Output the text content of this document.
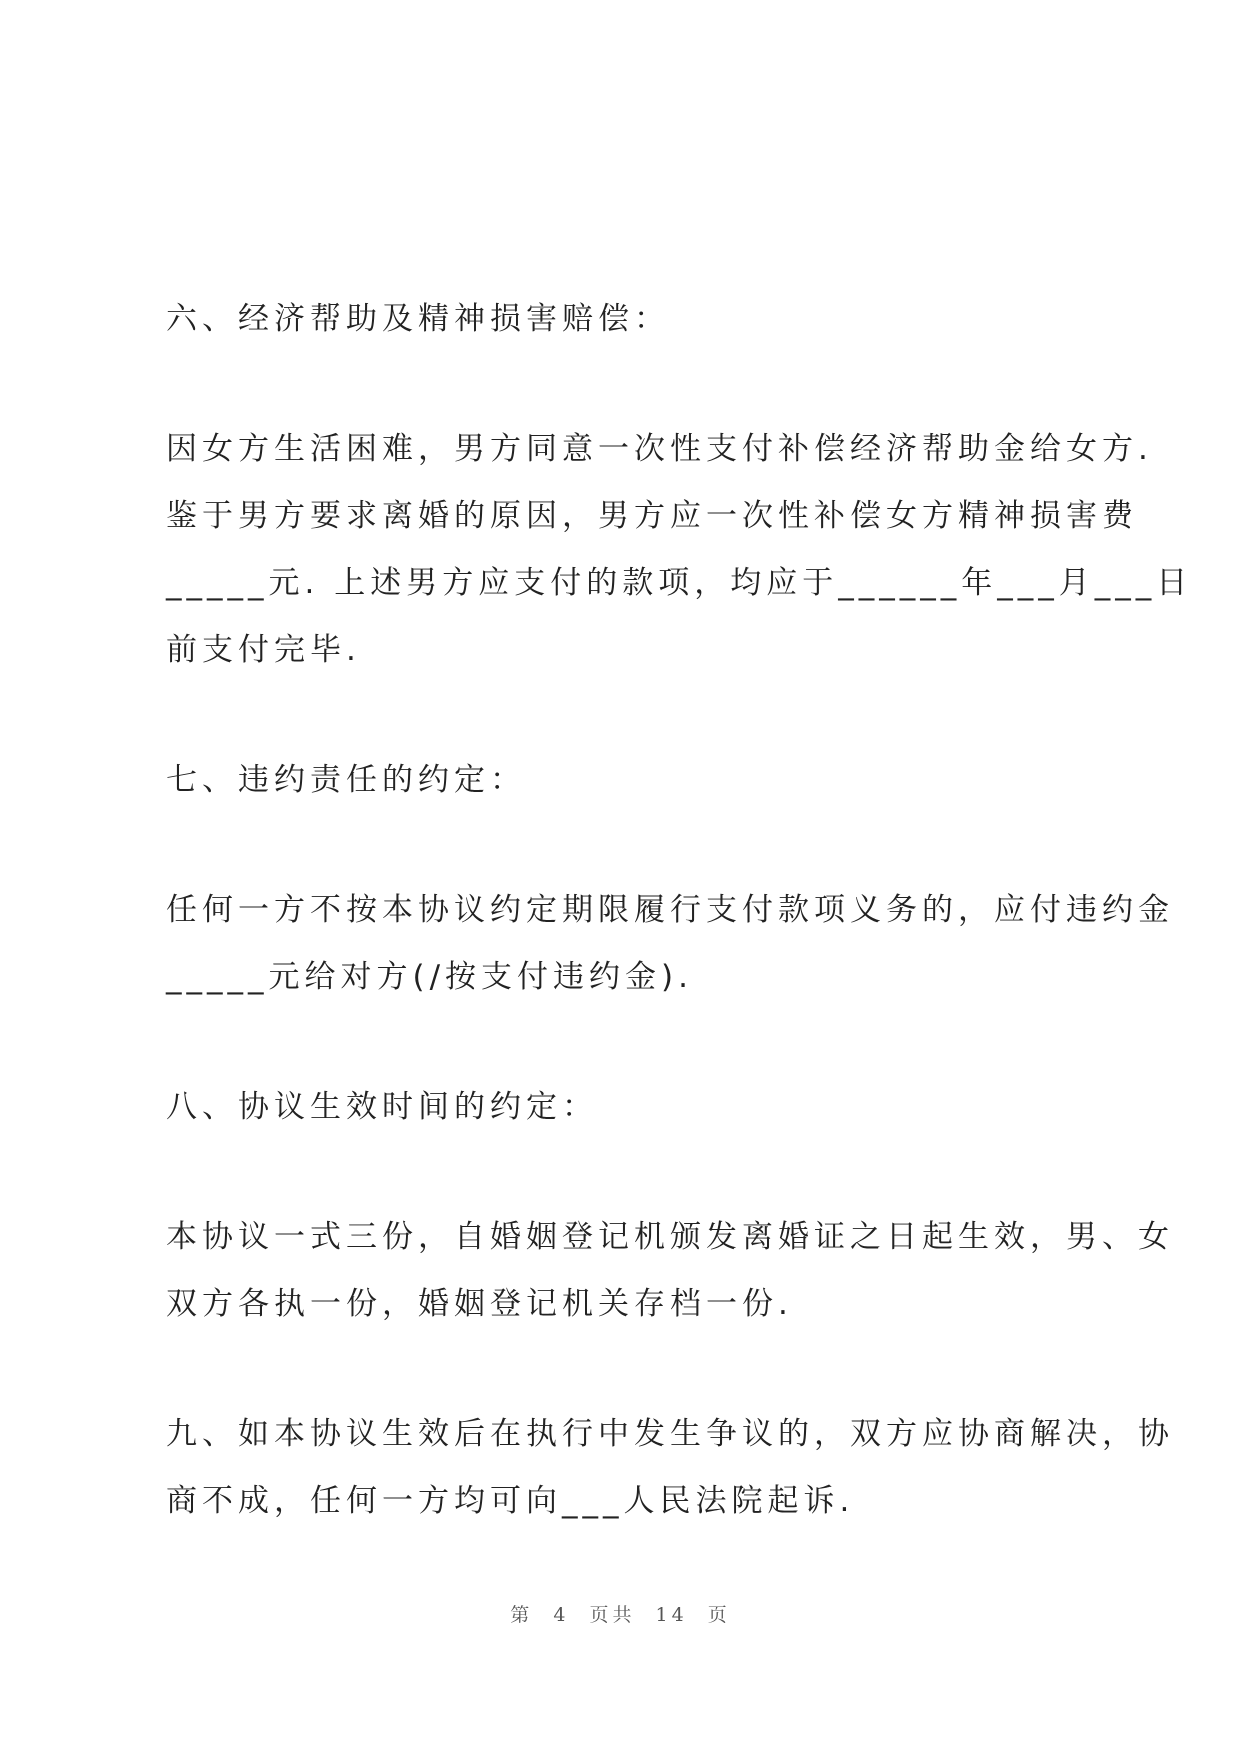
六、经济帮助及精神损害赔偿：

因女方生活困难，男方同意一次性支付补偿经济帮助金给女方.

鉴于男方要求离婚的原因，男方应一次性补偿女方精神损害费

_____元. 上述男方应支付的款项，均应于______年___月___日

前支付完毕.

七、违约责任的约定：

任何一方不按本协议约定期限履行支付款项义务的，应付违约金

_____元给对方(/按支付违约金).

八、协议生效时间的约定：

本协议一式三份，自婚姻登记机颁发离婚证之日起生效，男、女

双方各执一份，婚姻登记机关存档一份.

九、如本协议生效后在执行中发生争议的，双方应协商解决，协

商不成，任何一方均可向___人民法院起诉.

第 4 页共 14 页
